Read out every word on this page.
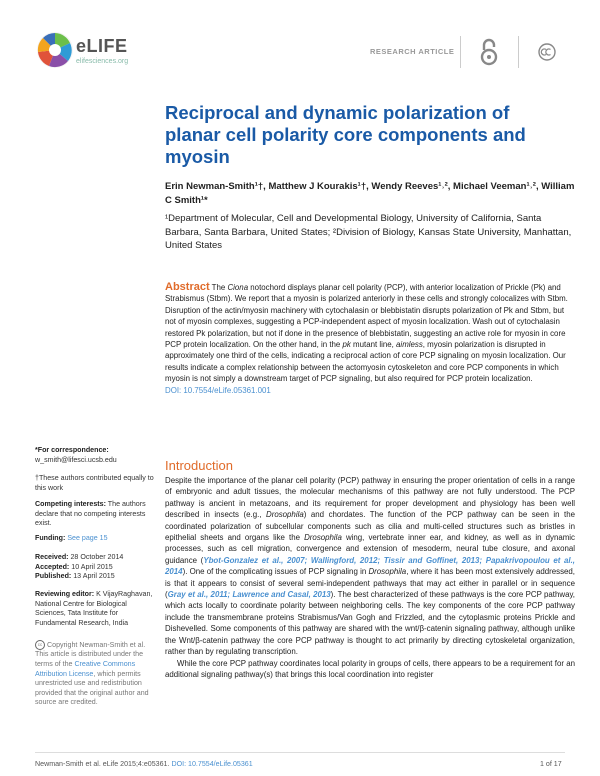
eLIFE
elifesciences.org
RESEARCH ARTICLE
Reciprocal and dynamic polarization of planar cell polarity core components and myosin
Erin Newman-Smith¹†, Matthew J Kourakis¹†, Wendy Reeves¹˒², Michael Veeman¹˒², William C Smith¹*
¹Department of Molecular, Cell and Developmental Biology, University of California, Santa Barbara, Santa Barbara, United States; ²Division of Biology, Kansas State University, Manhattan, United States
Abstract The Ciona notochord displays planar cell polarity (PCP), with anterior localization of Prickle (Pk) and Strabismus (Stbm). We report that a myosin is polarized anteriorly in these cells and strongly colocalizes with Stbm. Disruption of the actin/myosin machinery with cytochalasin or blebbistatin disrupts polarization of Pk and Stbm, but not of myosin complexes, suggesting a PCP-independent aspect of myosin localization. Wash out of cytochalasin restored Pk polarization, but not if done in the presence of blebbistatin, suggesting an active role for myosin in core PCP protein localization. On the other hand, in the pk mutant line, aimless, myosin polarization is disrupted in approximately one third of the cells, indicating a reciprocal action of core PCP signaling on myosin localization. Our results indicate a complex relationship between the actomyosin cytoskeleton and core PCP components in which myosin is not simply a downstream target of PCP signaling, but also required for PCP protein localization.
DOI: 10.7554/eLife.05361.001
*For correspondence: w_smith@lifesci.ucsb.edu
†These authors contributed equally to this work
Competing interests: The authors declare that no competing interests exist.
Funding: See page 15
Received: 28 October 2014
Accepted: 10 April 2015
Published: 13 April 2015
Reviewing editor: K VijayRaghavan, National Centre for Biological Sciences, Tata Institute for Fundamental Research, India
cc Copyright Newman-Smith et al. This article is distributed under the terms of the Creative Commons Attribution License, which permits unrestricted use and redistribution provided that the original author and source are credited.
Introduction

Despite the importance of the planar cell polarity (PCP) pathway in ensuring the proper orientation of cells in a range of embryonic and adult tissues, the molecular mechanisms of this pathway are not fully understood. The PCP pathway is ancient in metazoans, and its requirement for proper development and physiology has been well described in insects (e.g., Drosophila) and chordates. The function of the PCP pathway can be seen in the coordinated polarization of subcellular components such as cilia and multi-celled structures such as bristles in epithelial sheets and organs like the Drosophila wing, vertebrate inner ear, and kidney, as well as in dynamic processes, such as cell migration, convergence and extension of mesoderm, neural tube closure, and axonal guidance (Ybot-Gonzalez et al., 2007; Wallingford, 2012; Tissir and Goffinet, 2013; Papakrivopoulou et al., 2014). One of the complicating issues of PCP signaling in Drosophila, where it has been most extensively addressed, is that it appears to consist of several semi-independent pathways that may act either in parallel or in sequence (Gray et al., 2011; Lawrence and Casal, 2013). The best characterized of these pathways is the core PCP pathway, which acts locally to coordinate polarity between neighboring cells. The key components of the core PCP pathway include the transmembrane proteins Strabismus/Van Gogh and Frizzled, and the cytoplasmic proteins Prickle and Dishevelled. Some components of this pathway are shared with the wnt/β-catenin signaling pathway, although unlike the Wnt/β-catenin pathway the core PCP pathway is thought to act primarily by directing cytoskeletal organization, rather than by regulating transcription.

While the core PCP pathway coordinates local polarity in groups of cells, there appears to be a requirement for an additional signaling pathway(s) that brings this local coordination into register

Newman-Smith et al. eLife 2015;4:e05361. DOI: 10.7554/eLife.05361	1 of 17
